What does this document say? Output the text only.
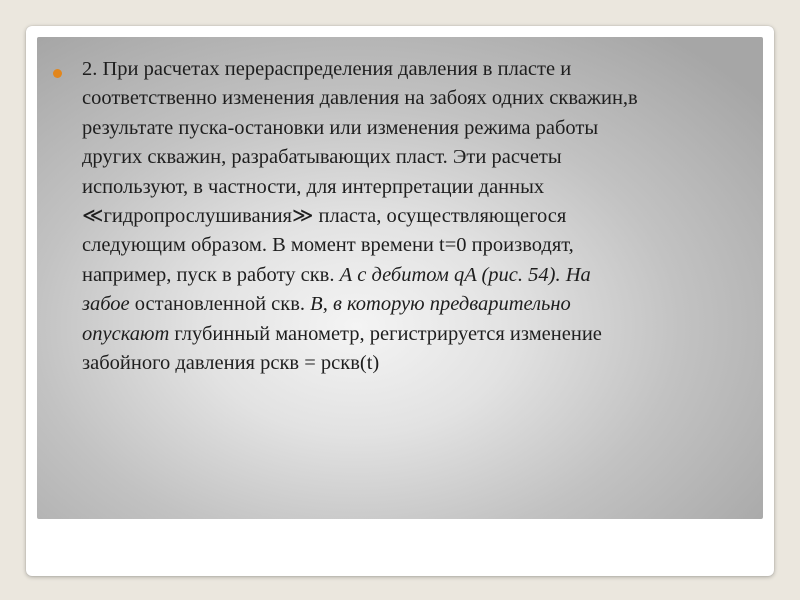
2. При расчетах перераспределения давления в пласте и
соответственно изменения давления на забоях одних скважин,в
результате пуска-остановки или изменения режима работы
других скважин, разрабатывающих пласт. Эти расчеты
используют, в частности, для интерпретации данных
≪гидропрослушивания≫ пласта, осуществляющегося
следующим образом. В момент времени t=0 производят,
например, пуск в работу скв. А с дебитом qA (рис. 54). На
забое остановленной скв. В, в которую предварительно
опускают глубинный манометр, регистрируется изменение
забойного давления рскв = рскв(t)
